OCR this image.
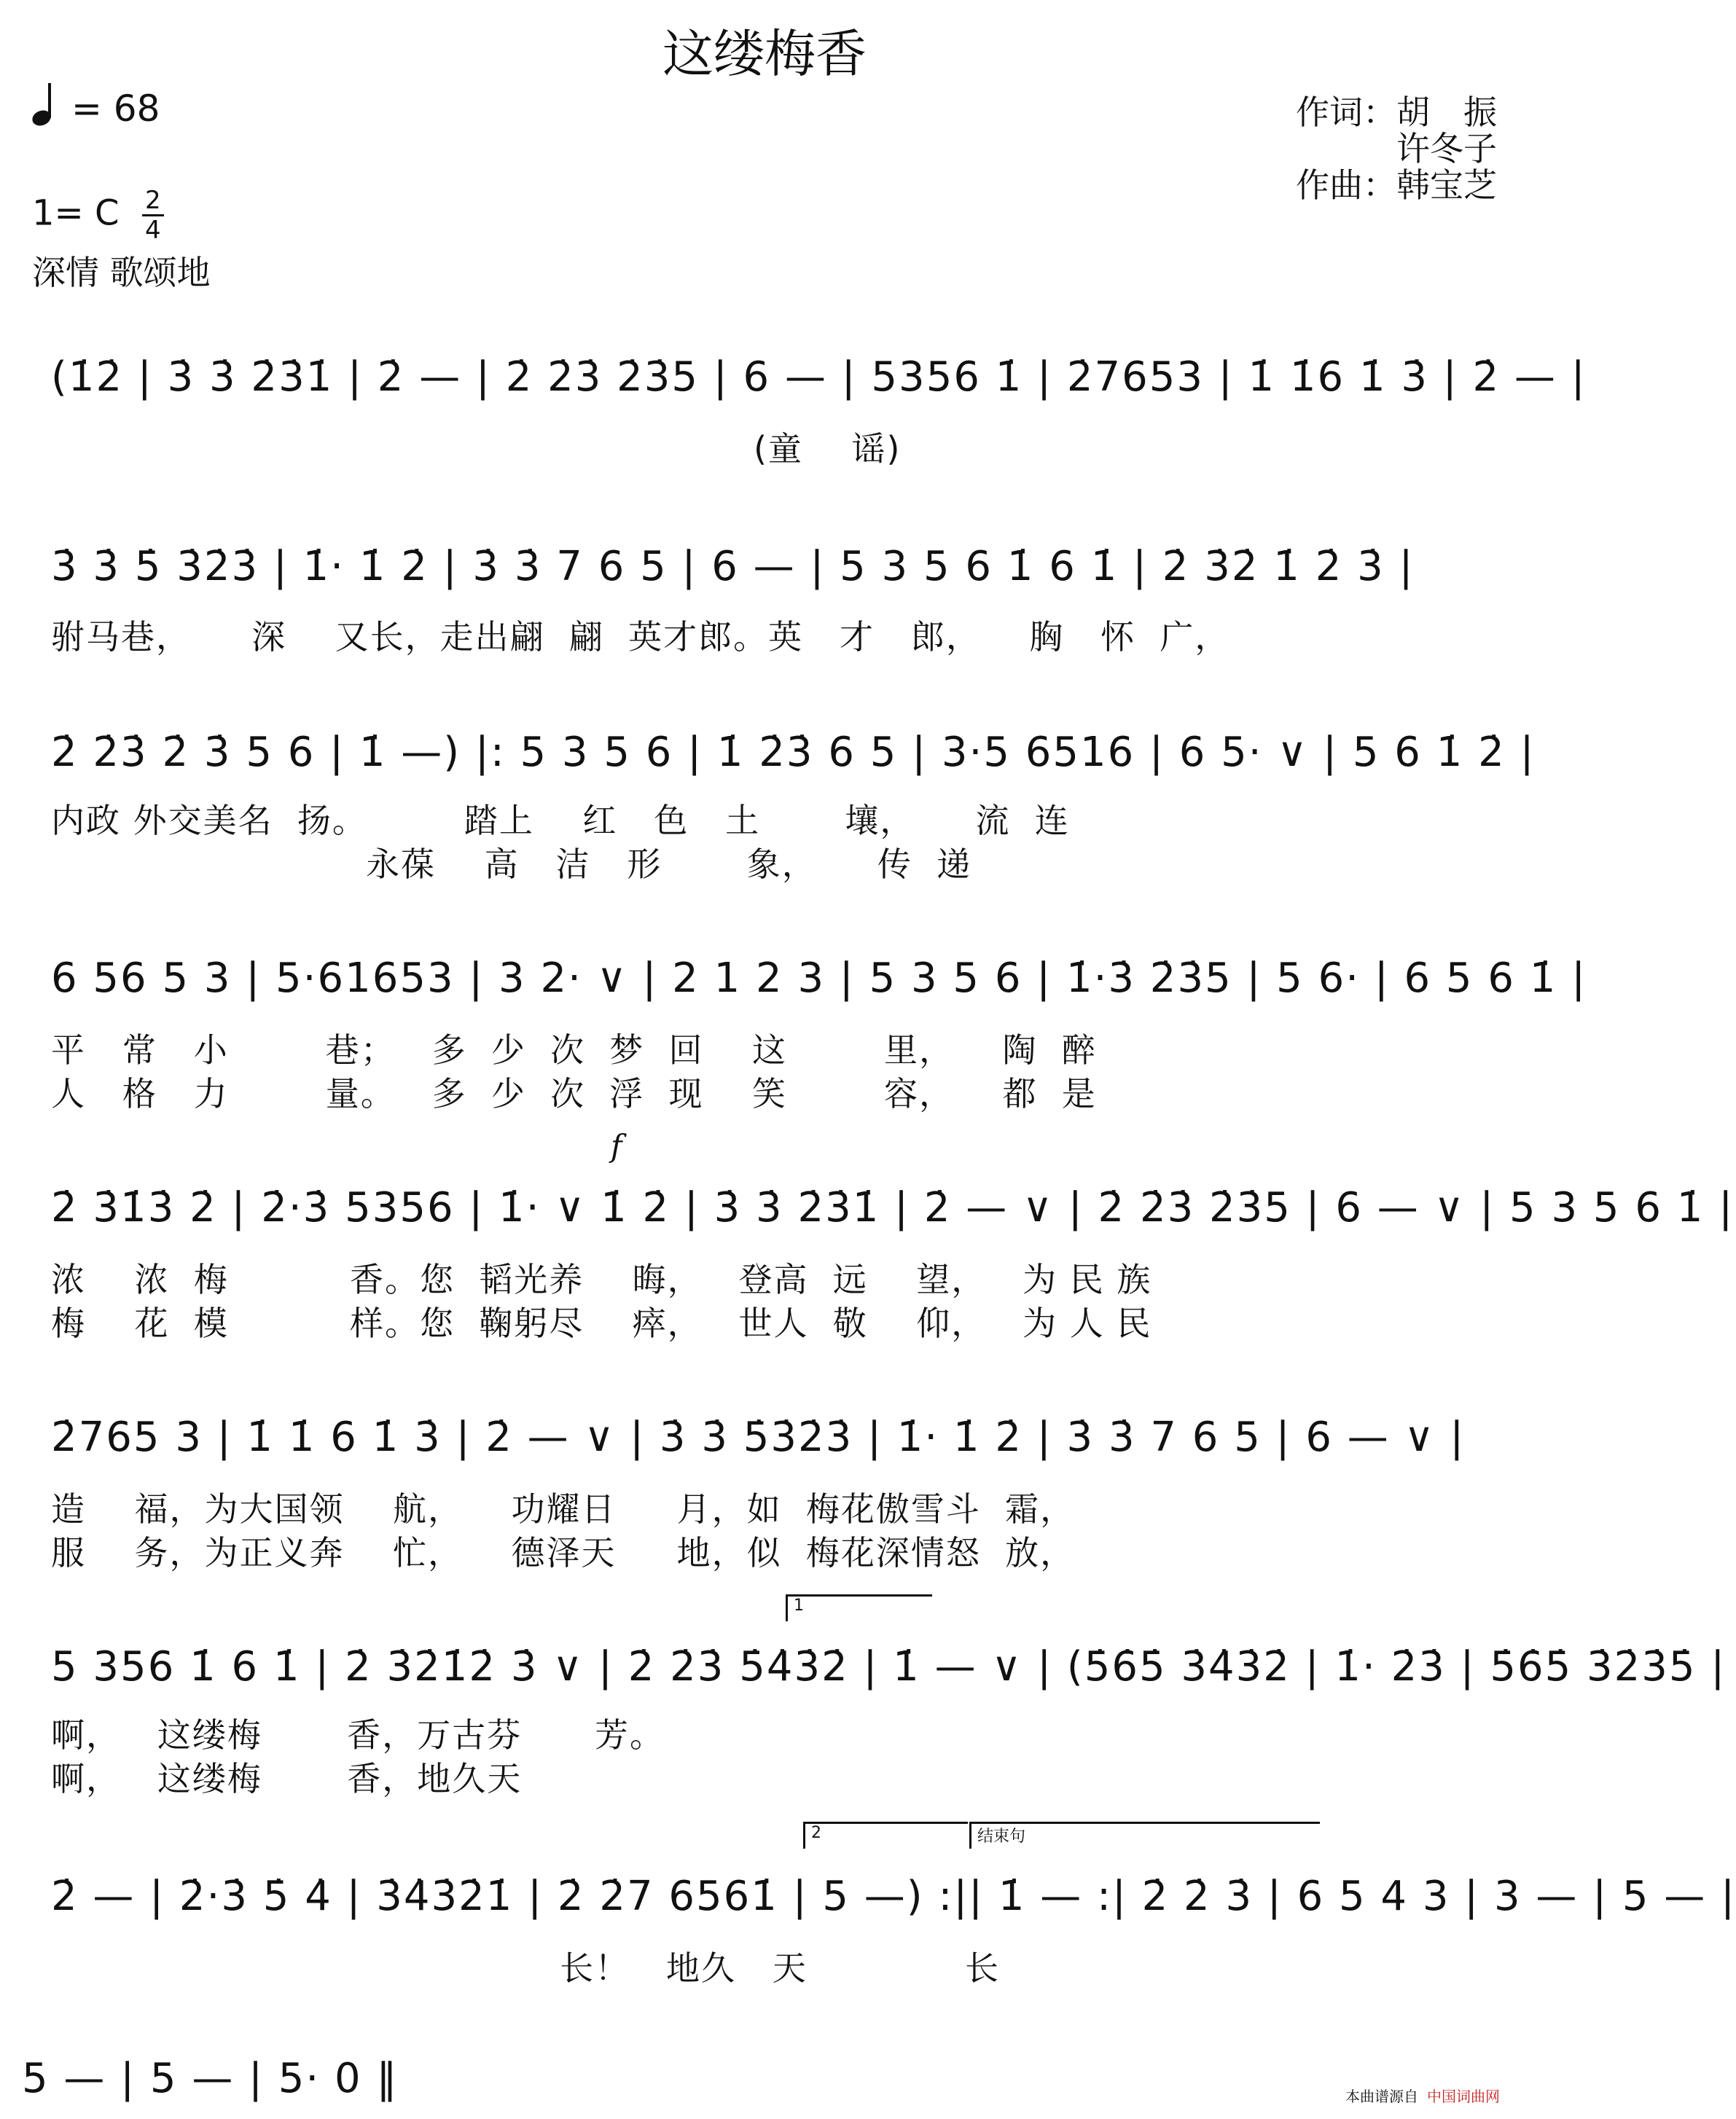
这缕梅香
= 68
1= C $\frac{2}{4}$
深情 歌颂地
作词：胡　振
许冬子
作曲：韩宝芝
(1̇2̇ | 3̇ 3̇ 2̇3̇1̇ | 2̇ — | 2̇ 2̇3̇ 2̇3̇5 | 6 — | 5356 1̇ | 2̇7653 | 1̇ 1̇6 1̇ 3̇ | 2̇ — |
(童    谣)
3̇ 3̇ 5̇ 3̇2̇3̇ | 1̇· 1̇ 2̇ | 3̇ 3̇ 7 6 5 | 6 — | 5 3 5 6 1̇ 6 1̇ | 2̇ 3̇2̇ 1̇ 2̇ 3̇ |
驸马巷，     深    又长，走出翩  翩  英才郎。英   才   郎，    胸   怀  广，
2̇ 2̇3̇ 2̇ 3̇ 5 6 | 1̇ —) |: 5 3 5 6 | 1̇ 2̇3̇ 6 5 | 3·5 6516 | 6 5· ∨ | 5 6 1̇ 2̇ |
内政 外交美名  扬。        踏上    红   色   土       壤，     流  连
永葆    高   洁   形       象，     传  递
6 56 5 3 | 5·61653 | 3 2· ∨ | 2 1 2 3 | 5 3 5 6 | 1̇·3̇ 2̇3̇5 | 5 6· | 6 5 6 1̇ |
平   常   小        巷；   多  少  次  梦  回    这        里，    陶  醉
人   格   力        量。   多  少  次  浮  现    笑        容，    都  是
f
2̇ 3̇1̇3̇ 2̇ | 2̇·3̇ 5356 | 1̇· ∨ 1̇ 2̇ | 3̇ 3̇ 2̇3̇1̇ | 2̇ — ∨ | 2̇ 2̇3̇ 2̇3̇5 | 6 — ∨ | 5 3 5 6 1̇ |
浓    浓  梅          香。您  韬光养    晦，   登高  远    望，   为 民 族
梅    花  模          样。您  鞠躬尽    瘁，   世人  敬    仰，   为 人 民
2̇765 3 | 1̇ 1̇ 6 1̇ 3̇ | 2̇ — ∨ | 3̇ 3̇ 5̇3̇2̇3̇ | 1̇· 1̇ 2̇ | 3̇ 3̇ 7 6 5 | 6 — ∨ |
造    福，为大国领    航，    功耀日     月，如  梅花傲雪斗  霜，
服    务，为正义奔    忙，    德泽天     地，似  梅花深情怒  放，
1
5 356 1̇ 6 1̇ | 2̇ 3̇2̇1̇2̇ 3̇ ∨ | 2̇ 2̇3̇ 5̇4̇3̇2̇ | 1̇ — ∨ | (5̇6̇5̇ 3̇4̇3̇2̇ | 1̇· 2̇3̇ | 5̇6̇5̇ 3̇2̇3̇5̇ |
啊，   这缕梅       香，万古芬      芳。
啊，   这缕梅       香，地久天
2	结束句
2̇ — | 2̇·3̇ 5̇ 4̇ | 3̇4̇3̇2̇1̇ | 2̇ 2̇7 6561̇ | 5 —) :|| 1̇ — :| 2̇ 2̇ 3̇ | 6 5 4 3 | 3 — | 5 — |
长！   地久   天             长
5 — | 5 — | 5· 0 ‖	本曲谱源自 中国词曲网
